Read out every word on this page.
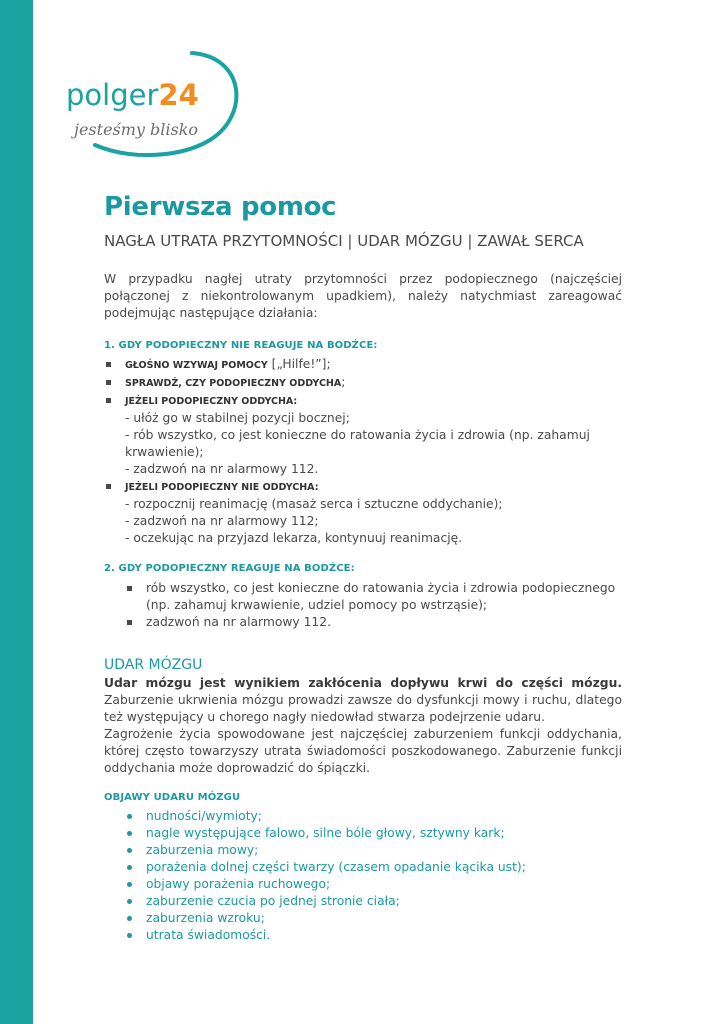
polger24
jesteśmy blisko
Pierwsza pomoc

NAGŁA UTRATA PRZYTOMNOŚCI | UDAR MÓZGU | ZAWAŁ SERCA

W przypadku nagłej utraty przytomności przez podopiecznego (najczęściej połączonej z niekontrolowanym upadkiem), należy natychmiast zareagować podejmując następujące działania:

1. GDY PODOPIECZNY NIE REAGUJE NA BODŹCE:

GŁOŚNO WZYWAJ POMOCY [„Hilfe!”];
SPRAWDŹ, CZY PODOPIECZNY ODDYCHA;
JEŻELI PODOPIECZNY ODDYCHA:
- ułóż go w stabilnej pozycji bocznej;
- rób wszystko, co jest konieczne do ratowania życia i zdrowia (np. zahamuj krwawienie);
- zadzwoń na nr alarmowy 112.
JEŻELI PODOPIECZNY NIE ODDYCHA:
- rozpocznij reanimację (masaż serca i sztuczne oddychanie);
- zadzwoń na nr alarmowy 112;
- oczekując na przyjazd lekarza, kontynuuj reanimację.

2. GDY PODOPIECZNY REAGUJE NA BODŹCE:

rób wszystko, co jest konieczne do ratowania życia i zdrowia podopiecznego (np. zahamuj krwawienie, udziel pomocy po wstrząsie);
zadzwoń na nr alarmowy 112.

UDAR MÓZGU

Udar mózgu jest wynikiem zakłócenia dopływu krwi do części mózgu. Zaburzenie ukrwienia mózgu prowadzi zawsze do dysfunkcji mowy i ruchu, dlatego też występujący u chorego nagły niedowład stwarza podejrzenie udaru.

Zagrożenie życia spowodowane jest najczęściej zaburzeniem funkcji oddychania, której często towarzyszy utrata świadomości poszkodowanego. Zaburzenie funkcji oddychania może doprowadzić do śpiączki.

OBJAWY UDARU MÓZGU

nudności/wymioty;
nagle występujące falowo, silne bóle głowy, sztywny kark;
zaburzenia mowy;
porażenia dolnej części twarzy (czasem opadanie kącika ust);
objawy porażenia ruchowego;
zaburzenie czucia po jednej stronie ciała;
zaburzenia wzroku;
utrata świadomości.
